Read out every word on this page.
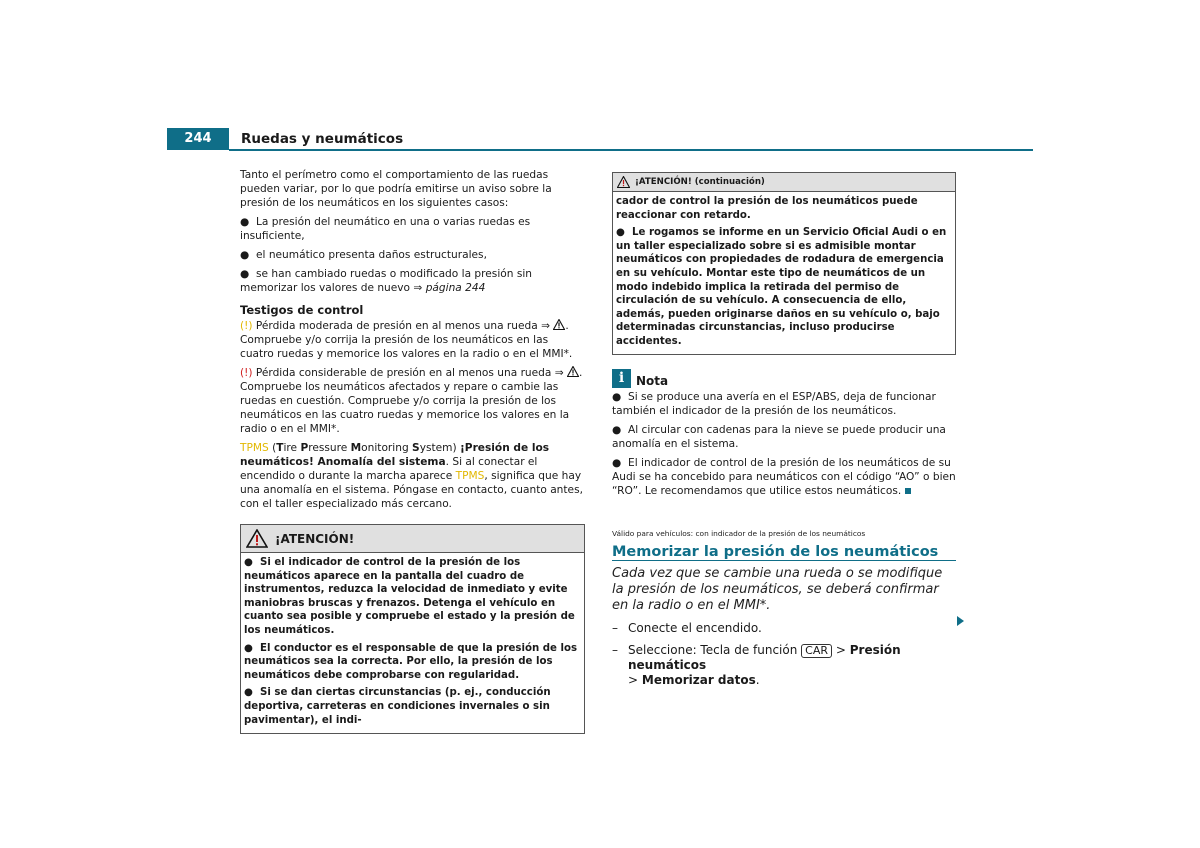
244	Ruedas y neumáticos

Tanto el perímetro como el comportamiento de las ruedas pueden variar, por lo que podría emitirse un aviso sobre la presión de los neumáticos en los siguientes casos:

● La presión del neumático en una o varias ruedas es insuficiente,
● el neumático presenta daños estructurales,
● se han cambiado ruedas o modificado la presión sin memorizar los valores de nuevo ⇒ página 244
Testigos de control

(!) Pérdida moderada de presión en al menos una rueda ⇒ . Compruebe y/o corrija la presión de los neumáticos en las cuatro ruedas y memorice los valores en la radio o en el MMI*.

(!) Pérdida considerable de presión en al menos una rueda ⇒ . Compruebe los neumáticos afectados y repare o cambie las ruedas en cuestión. Compruebe y/o corrija la presión de los neumáticos en las cuatro ruedas y memorice los valores en la radio o en el MMI*.

TPMS (Tire Pressure Monitoring System) ¡Presión de los neumáticos! Anomalía del sistema. Si al conectar el encendido o durante la marcha aparece TPMS, significa que hay una anomalía en el sistema. Póngase en contacto, cuanto antes, con el taller especializado más cercano.

¡ATENCIÓN!
● Si el indicador de control de la presión de los neumáticos aparece en la pantalla del cuadro de instrumentos, reduzca la velocidad de inmediato y evite maniobras bruscas y frenazos. Detenga el vehículo en cuanto sea posible y compruebe el estado y la presión de los neumáticos.
● El conductor es el responsable de que la presión de los neumáticos sea la correcta. Por ello, la presión de los neumáticos debe comprobarse con regularidad.
● Si se dan ciertas circunstancias (p. ej., conducción deportiva, carreteras en condiciones invernales o sin pavimentar), el indi-
¡ATENCIÓN! (continuación)
cador de control la presión de los neumáticos puede reaccionar con retardo.
● Le rogamos se informe en un Servicio Oficial Audi o en un taller especializado sobre si es admisible montar neumáticos con propiedades de rodadura de emergencia en su vehículo. Montar este tipo de neumáticos de un modo indebido implica la retirada del permiso de circulación de su vehículo. A consecuencia de ello, además, pueden originarse daños en su vehículo o, bajo determinadas circunstancias, incluso producirse accidentes.
i Nota
● Si se produce una avería en el ESP/ABS, deja de funcionar también el indicador de la presión de los neumáticos.
● Al circular con cadenas para la nieve se puede producir una anomalía en el sistema.
● El indicador de control de la presión de los neumáticos de su Audi se ha concebido para neumáticos con el código “AO” o bien “RO”. Le recomendamos que utilice estos neumáticos.
Válido para vehículos: con indicador de la presión de los neumáticos
Memorizar la presión de los neumáticos
Cada vez que se cambie una rueda o se modifique la presión de los neumáticos, se deberá confirmar en la radio o en el MMI*.
– Conecte el encendido.
– Seleccione: Tecla de función CAR > Presión neumáticos
> Memorizar datos.
